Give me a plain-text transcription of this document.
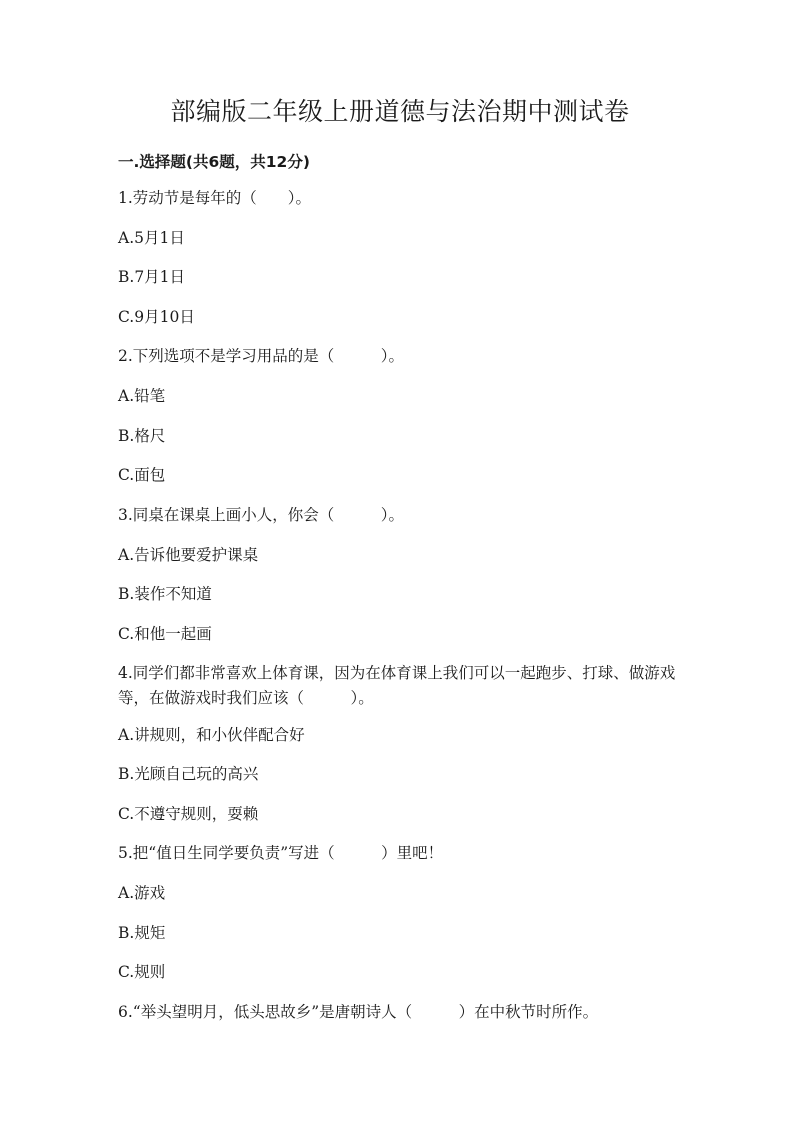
部编版二年级上册道德与法治期中测试卷
一.选择题(共6题，共12分)
1.劳动节是每年的（　　）。
A.5月1日
B.7月1日
C.9月10日
2.下列选项不是学习用品的是（　　　）。
A.铅笔
B.格尺
C.面包
3.同桌在课桌上画小人，你会（　　　）。
A.告诉他要爱护课桌
B.装作不知道
C.和他一起画
4.同学们都非常喜欢上体育课，因为在体育课上我们可以一起跑步、打球、做游戏等，在做游戏时我们应该（　　　）。
A.讲规则，和小伙伴配合好
B.光顾自己玩的高兴
C.不遵守规则，耍赖
5.把“值日生同学要负责”写进（　　　）里吧！
A.游戏
B.规矩
C.规则
6.“举头望明月，低头思故乡”是唐朝诗人（　　　）在中秋节时所作。
